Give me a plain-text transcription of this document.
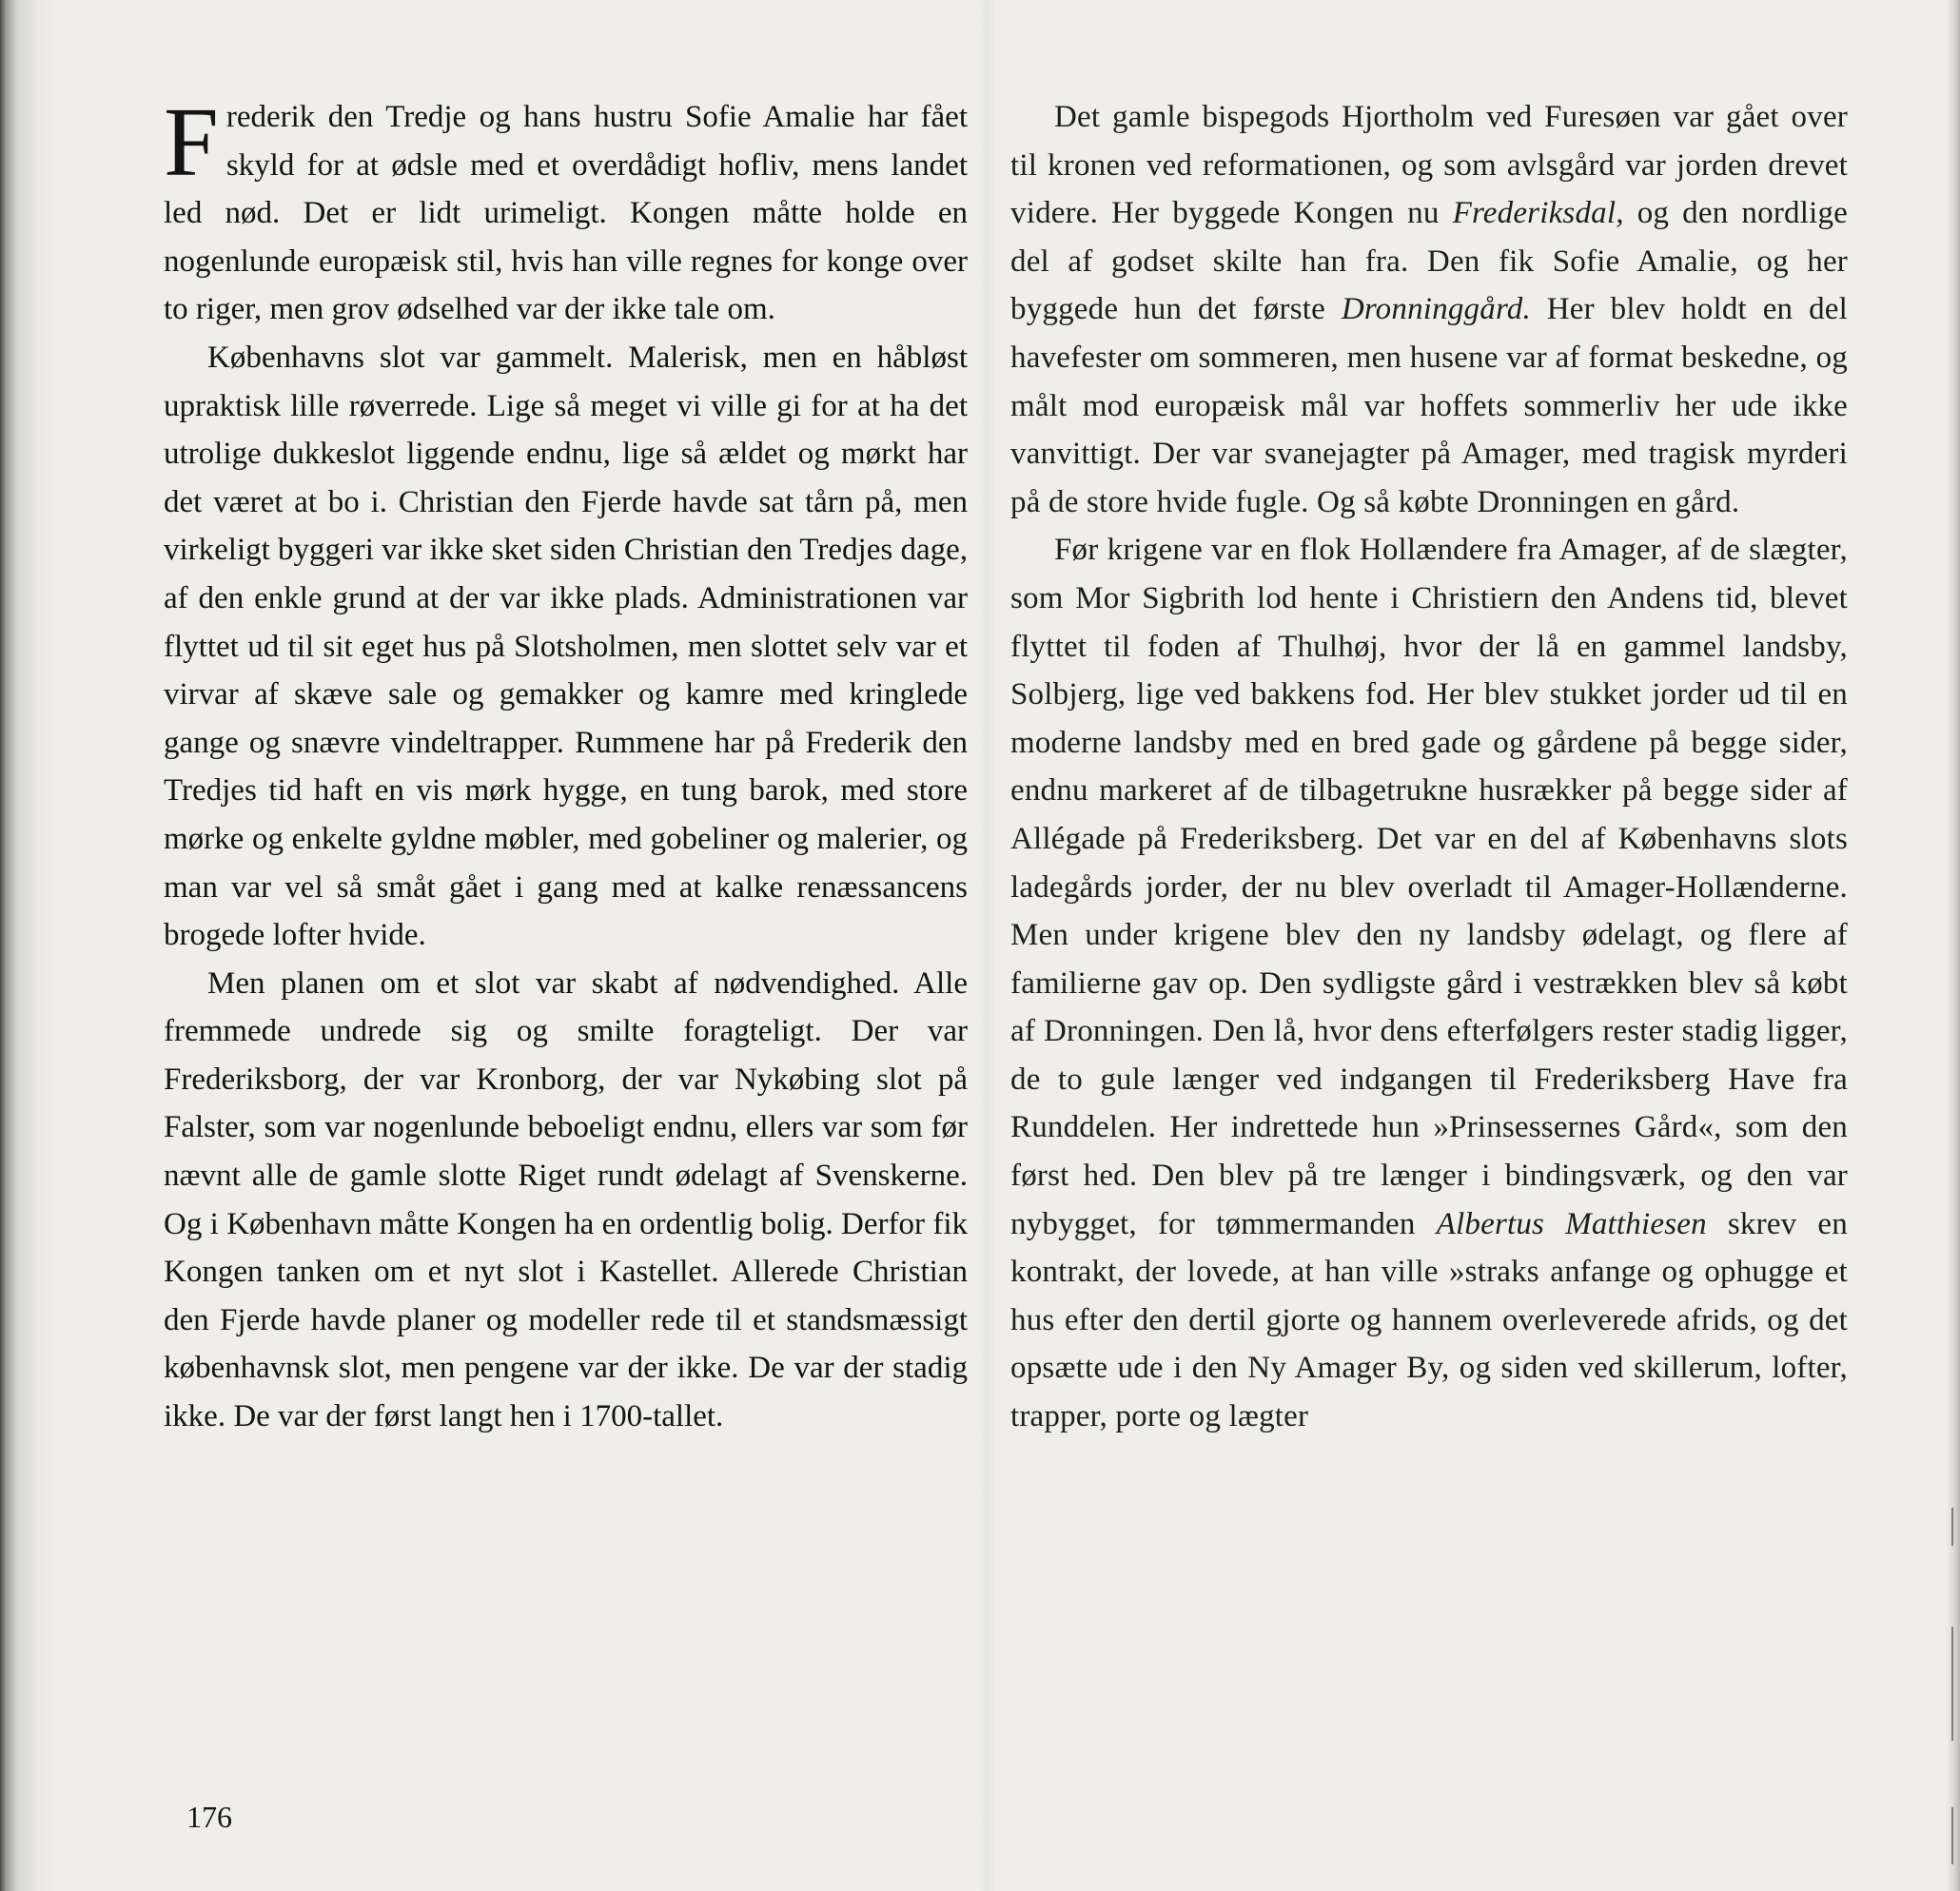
Frederik den Tredje og hans hustru Sofie Amalie har fået skyld for at ødsle med et overdådigt hofliv, mens landet led nød. Det er lidt urimeligt. Kongen måtte holde en nogenlunde europæisk stil, hvis han ville regnes for konge over to riger, men grov ødselhed var der ikke tale om.

Københavns slot var gammelt. Malerisk, men en håbløst upraktisk lille røverrede. Lige så meget vi ville gi for at ha det utrolige dukkeslot liggende endnu, lige så ældet og mørkt har det været at bo i. Christian den Fjerde havde sat tårn på, men virkeligt byggeri var ikke sket siden Christian den Tredjes dage, af den enkle grund at der var ikke plads. Administrationen var flyttet ud til sit eget hus på Slotsholmen, men slottet selv var et virvar af skæve sale og gemakker og kamre med kringlede gange og snævre vindeltrapper. Rummene har på Frederik den Tredjes tid haft en vis mørk hygge, en tung barok, med store mørke og enkelte gyldne møbler, med gobeliner og malerier, og man var vel så småt gået i gang med at kalke renæssancens brogede lofter hvide.

Men planen om et slot var skabt af nødvendighed. Alle fremmede undrede sig og smilte foragteligt. Der var Frederiksborg, der var Kronborg, der var Nykøbing slot på Falster, som var nogenlunde beboeligt endnu, ellers var som før nævnt alle de gamle slotte Riget rundt ødelagt af Svenskerne. Og i København måtte Kongen ha en ordentlig bolig. Derfor fik Kongen tanken om et nyt slot i Kastellet. Allerede Christian den Fjerde havde planer og modeller rede til et standsmæssigt københavnsk slot, men pengene var der ikke. De var der stadig ikke. De var der først langt hen i 1700-tallet.

176

Det gamle bispegods Hjortholm ved Furesøen var gået over til kronen ved reformationen, og som avlsgård var jorden drevet videre. Her byggede Kongen nu Frederiksdal, og den nordlige del af godset skilte han fra. Den fik Sofie Amalie, og her byggede hun det første Dronninggård. Her blev holdt en del havefester om sommeren, men husene var af format beskedne, og målt mod europæisk mål var hoffets sommerliv her ude ikke vanvittigt. Der var svanejagter på Amager, med tragisk myrderi på de store hvide fugle. Og så købte Dronningen en gård.

Før krigene var en flok Hollændere fra Amager, af de slægter, som Mor Sigbrith lod hente i Christiern den Andens tid, blevet flyttet til foden af Thulhøj, hvor der lå en gammel landsby, Solbjerg, lige ved bakkens fod. Her blev stukket jorder ud til en moderne landsby med en bred gade og gårdene på begge sider, endnu markeret af de tilbagetrukne husrækker på begge sider af Allégade på Frederiksberg. Det var en del af Københavns slots ladegårds jorder, der nu blev overladt til Amager-Hollænderne. Men under krigene blev den ny landsby ødelagt, og flere af familierne gav op. Den sydligste gård i vestrækken blev så købt af Dronningen. Den lå, hvor dens efterfølgers rester stadig ligger, de to gule længer ved indgangen til Frederiksberg Have fra Runddelen. Her indrettede hun »Prinsessernes Gård«, som den først hed. Den blev på tre længer i bindingsværk, og den var nybygget, for tømmermanden Albertus Matthiesen skrev en kontrakt, der lovede, at han ville »straks anfange og ophugge et hus efter den dertil gjorte og hannem overleverede afrids, og det opsætte ude i den Ny Amager By, og siden ved skillerum, lofter, trapper, porte og lægter
